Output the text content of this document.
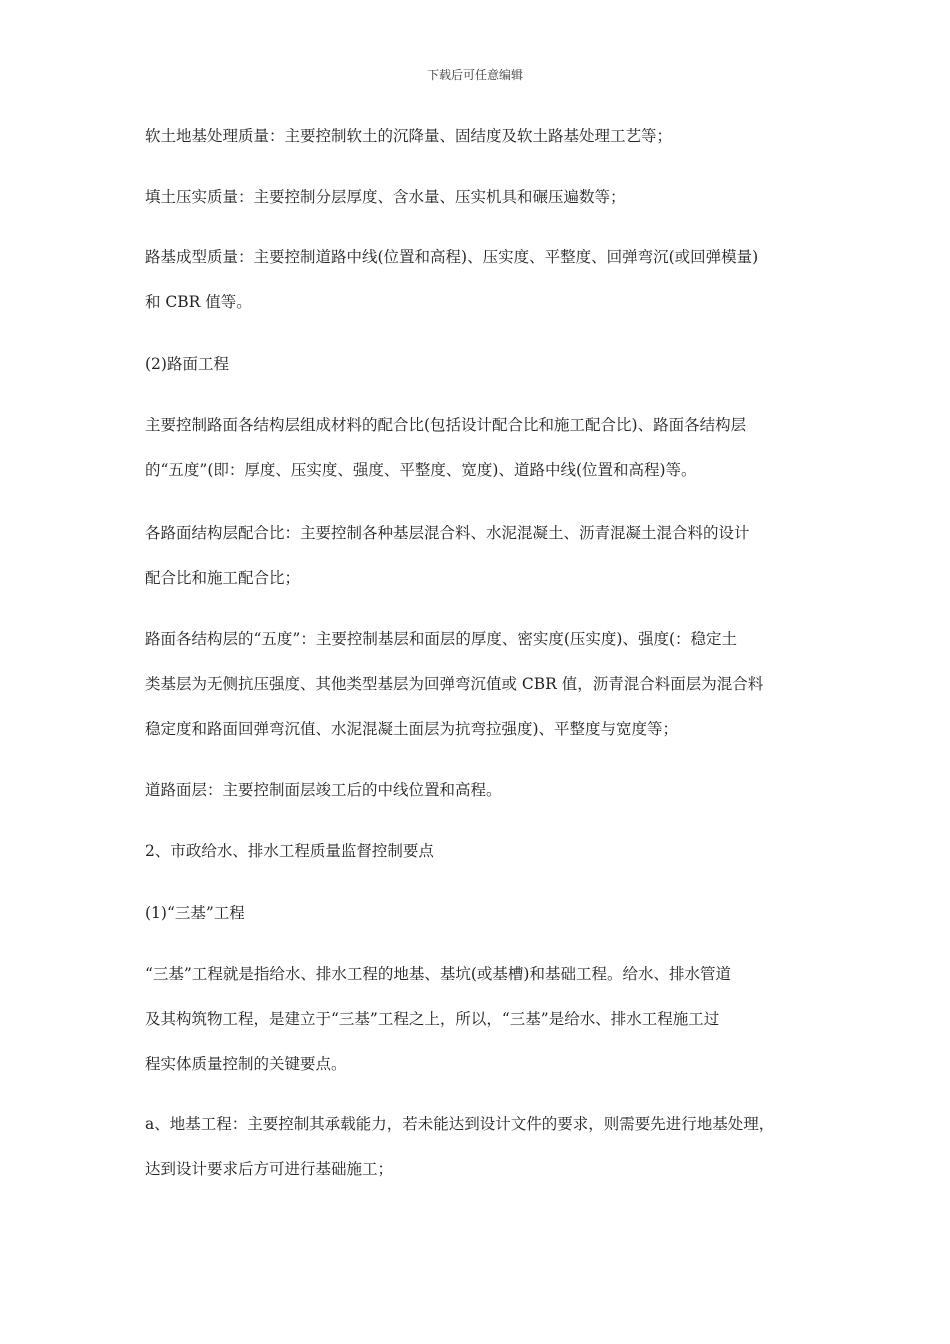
下载后可任意编辑
软土地基处理质量：主要控制软土的沉降量、固结度及软土路基处理工艺等；
填土压实质量：主要控制分层厚度、含水量、压实机具和碾压遍数等；
路基成型质量：主要控制道路中线(位置和高程)、压实度、平整度、回弹弯沉(或回弹模量)
和 CBR 值等。
(2)路面工程
主要控制路面各结构层组成材料的配合比(包括设计配合比和施工配合比)、路面各结构层
的“五度”(即：厚度、压实度、强度、平整度、宽度)、道路中线(位置和高程)等。
各路面结构层配合比：主要控制各种基层混合料、水泥混凝土、沥青混凝土混合料的设计
配合比和施工配合比；
路面各结构层的“五度”：主要控制基层和面层的厚度、密实度(压实度)、强度(：稳定土
类基层为无侧抗压强度、其他类型基层为回弹弯沉值或 CBR 值，沥青混合料面层为混合料
稳定度和路面回弹弯沉值、水泥混凝土面层为抗弯拉强度)、平整度与宽度等；
道路面层：主要控制面层竣工后的中线位置和高程。
2、市政给水、排水工程质量监督控制要点
(1)“三基”工程
“三基”工程就是指给水、排水工程的地基、基坑(或基槽)和基础工程。给水、排水管道
及其构筑物工程，是建立于“三基”工程之上，所以，“三基”是给水、排水工程施工过
程实体质量控制的关键要点。
a、地基工程：主要控制其承载能力，若未能达到设计文件的要求，则需要先进行地基处理，
达到设计要求后方可进行基础施工；
